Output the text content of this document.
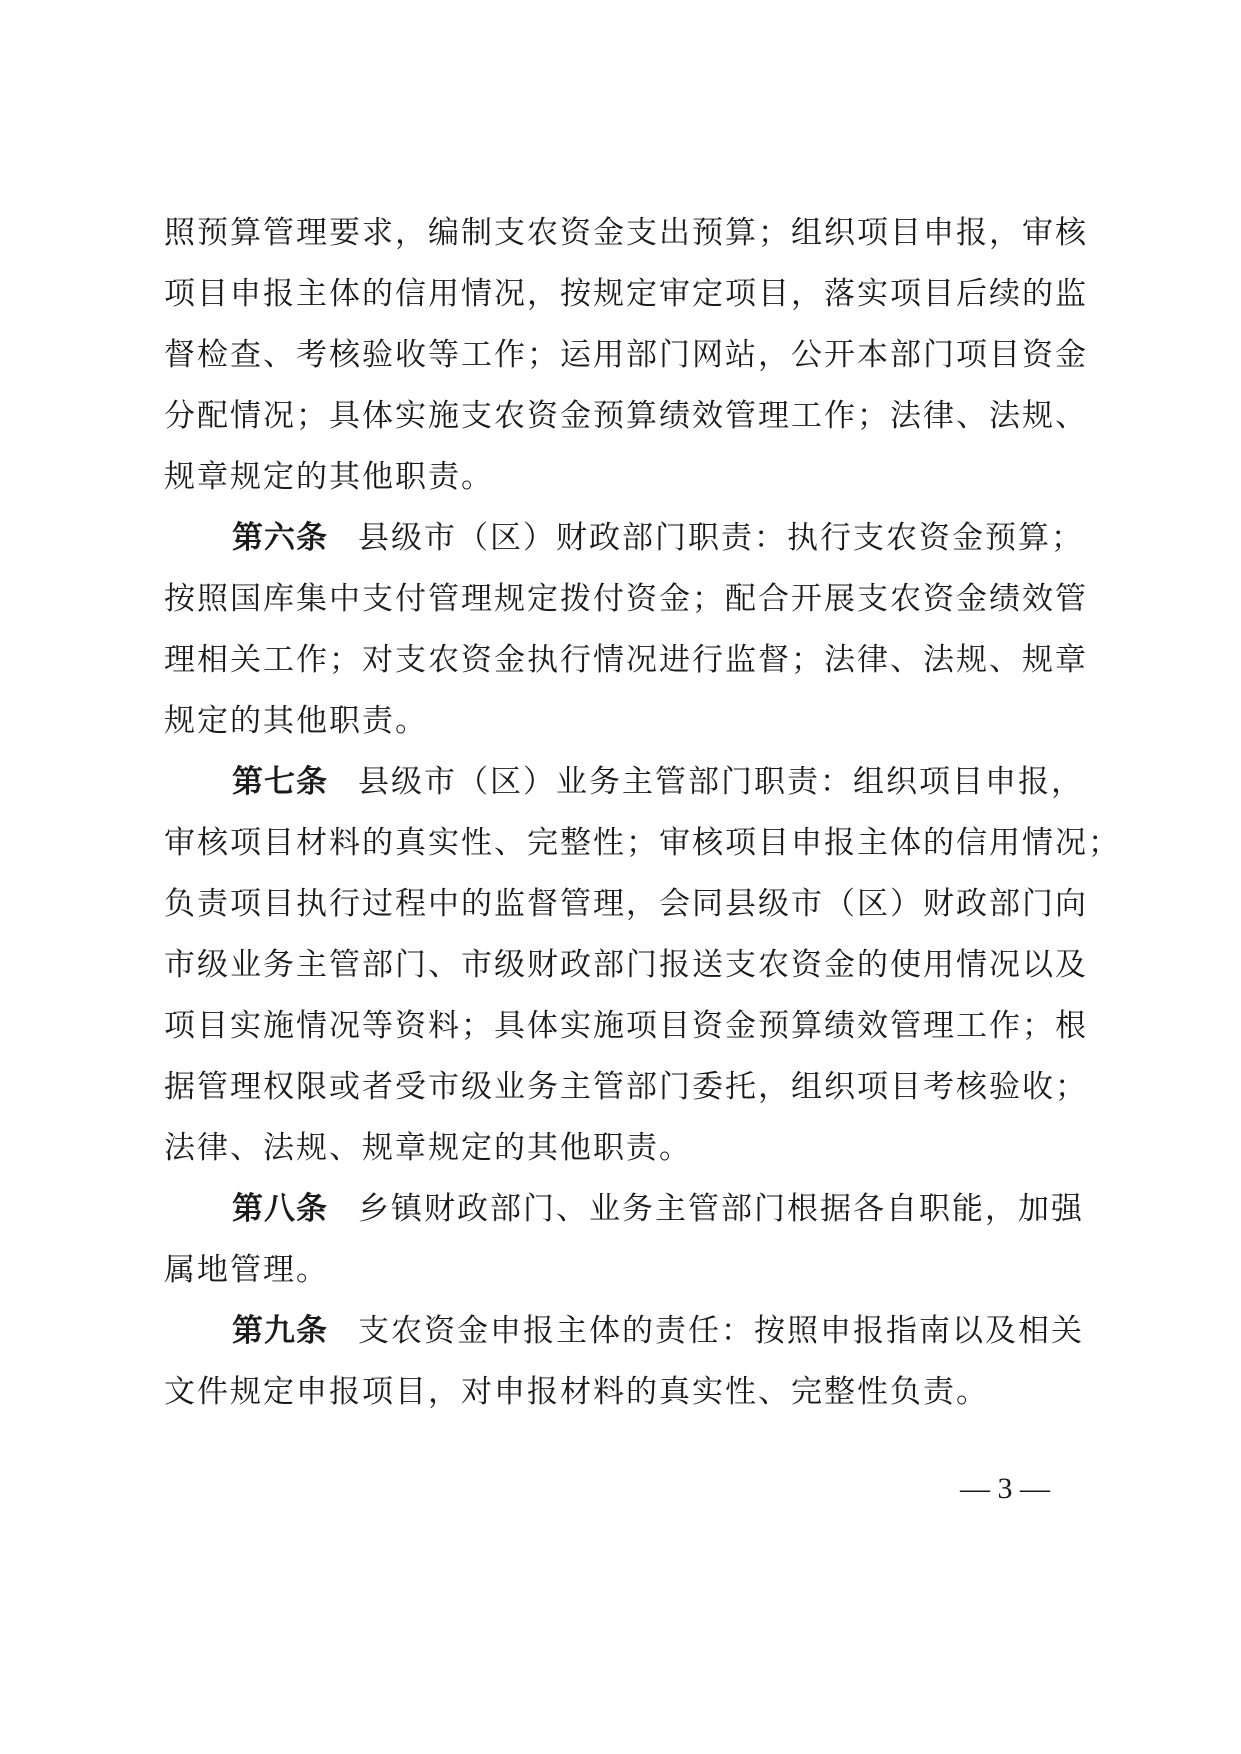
照预算管理要求，编制支农资金支出预算；组织项目申报，审核
项目申报主体的信用情况，按规定审定项目，落实项目后续的监
督检查、考核验收等工作；运用部门网站，公开本部门项目资金
分配情况；具体实施支农资金预算绩效管理工作；法律、法规、
规章规定的其他职责。
第六条 县级市（区）财政部门职责：执行支农资金预算；
按照国库集中支付管理规定拨付资金；配合开展支农资金绩效管
理相关工作；对支农资金执行情况进行监督；法律、法规、规章
规定的其他职责。
第七条 县级市（区）业务主管部门职责：组织项目申报，
审核项目材料的真实性、完整性；审核项目申报主体的信用情况；
负责项目执行过程中的监督管理，会同县级市（区）财政部门向
市级业务主管部门、市级财政部门报送支农资金的使用情况以及
项目实施情况等资料；具体实施项目资金预算绩效管理工作；根
据管理权限或者受市级业务主管部门委托，组织项目考核验收；
法律、法规、规章规定的其他职责。
第八条 乡镇财政部门、业务主管部门根据各自职能，加强
属地管理。
第九条 支农资金申报主体的责任：按照申报指南以及相关
文件规定申报项目，对申报材料的真实性、完整性负责。
— 3 —
